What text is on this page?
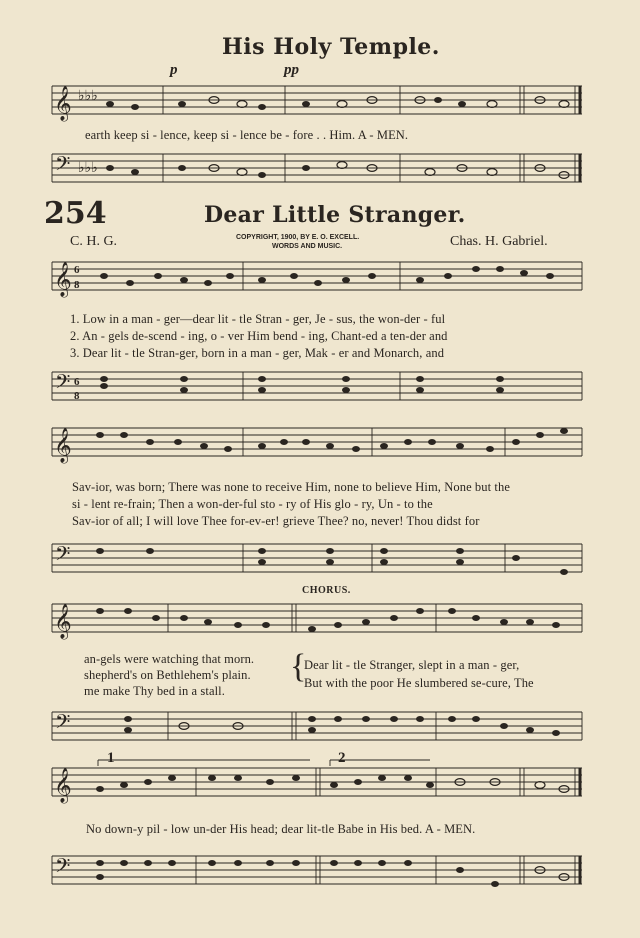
His Holy Temple.
p	pp
𝄞 ♭♭♭
earth keep si - lence, keep si - lence be - fore . . Him. A - MEN.
𝄢 ♭♭♭
254	Dear Little Stranger.
C. H. G.	COPYRIGHT, 1900, BY E. O. EXCELL.
WORDS AND MUSIC.	Chas. H. Gabriel.
𝄞 6
8
1. Low in a man - ger—dear lit - tle Stran - ger, Je - sus, the won-der - ful
2. An - gels de-scend - ing, o - ver Him bend - ing, Chant-ed a ten-der and
3. Dear lit - tle Stran-ger, born in a man - ger, Mak - er and Monarch, and
𝄢 6
8
𝄞
Sav-ior, was born; There was none to receive Him, none to believe Him, None but the
si - lent re-frain; Then a won-der-ful sto - ry of His glo - ry, Un - to the
Sav-ior of all; I will love Thee for-ev-er! grieve Thee? no, never! Thou didst for
𝄢
CHORUS.
𝄞
an-gels were watching that morn.
shepherd's on Bethlehem's plain.
me make Thy bed in a stall.
{
Dear lit - tle Stranger, slept in a man - ger,
But with the poor He slumbered se-cure, The
𝄢
1	2
𝄞
No down-y pil - low un-der His head; dear lit-tle Babe in His bed. A - MEN.
𝄢
